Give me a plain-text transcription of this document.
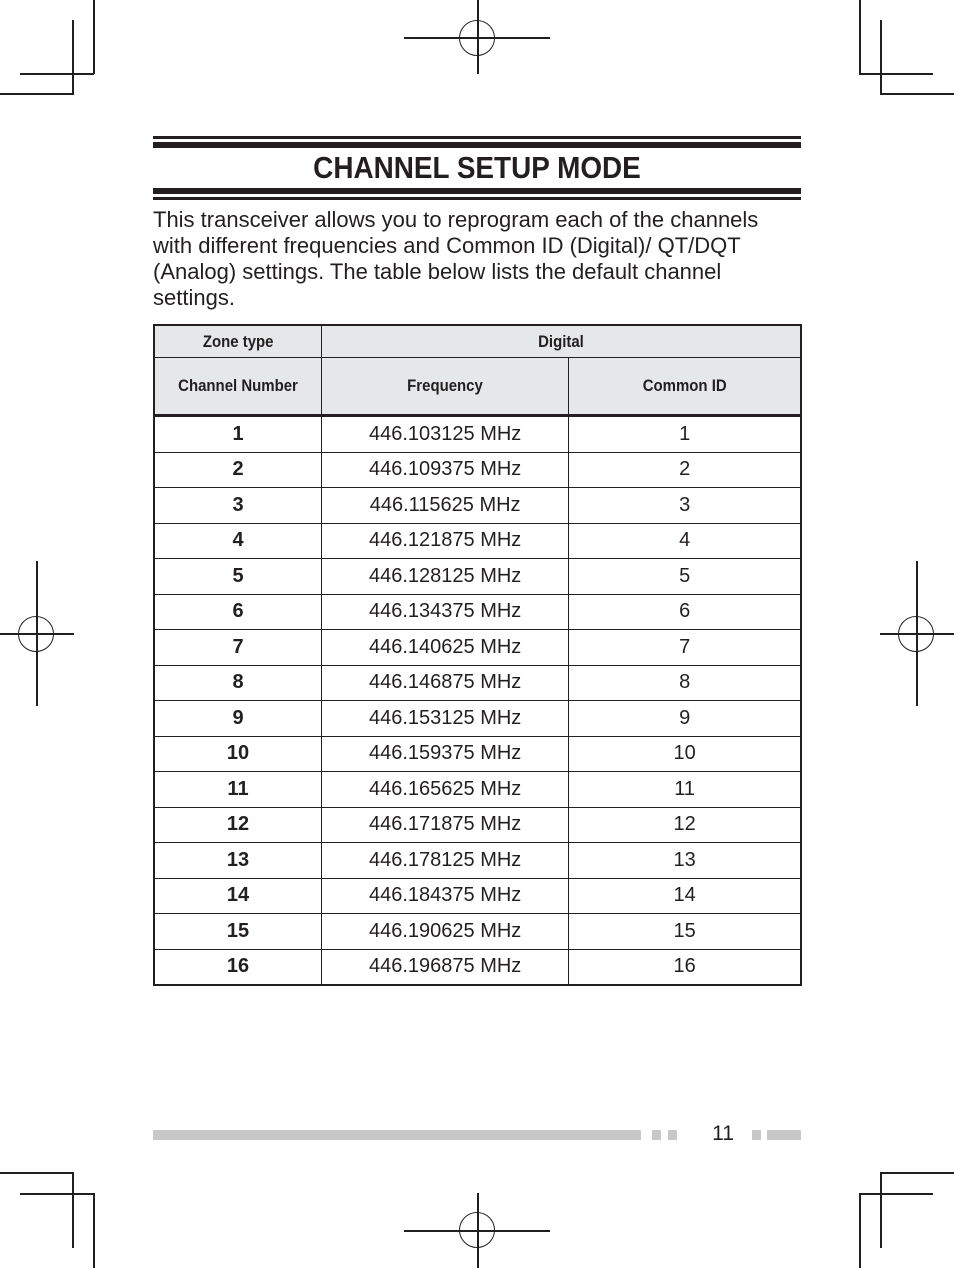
CHANNEL SETUP MODE

This transceiver allows you to reprogram each of the channels with different frequencies and Common ID (Digital)/ QT/DQT (Analog) settings. The table below lists the default channel settings.

Zone type	Digital	
Channel Number	Frequency	Common ID
1	446.103125 MHz	1
2	446.109375 MHz	2
3	446.115625 MHz	3
4	446.121875 MHz	4
5	446.128125 MHz	5
6	446.134375 MHz	6
7	446.140625 MHz	7
8	446.146875 MHz	8
9	446.153125 MHz	9
10	446.159375 MHz	10
11	446.165625 MHz	11
12	446.171875 MHz	12
13	446.178125 MHz	13
14	446.184375 MHz	14
15	446.190625 MHz	15
16	446.196875 MHz	16
11
